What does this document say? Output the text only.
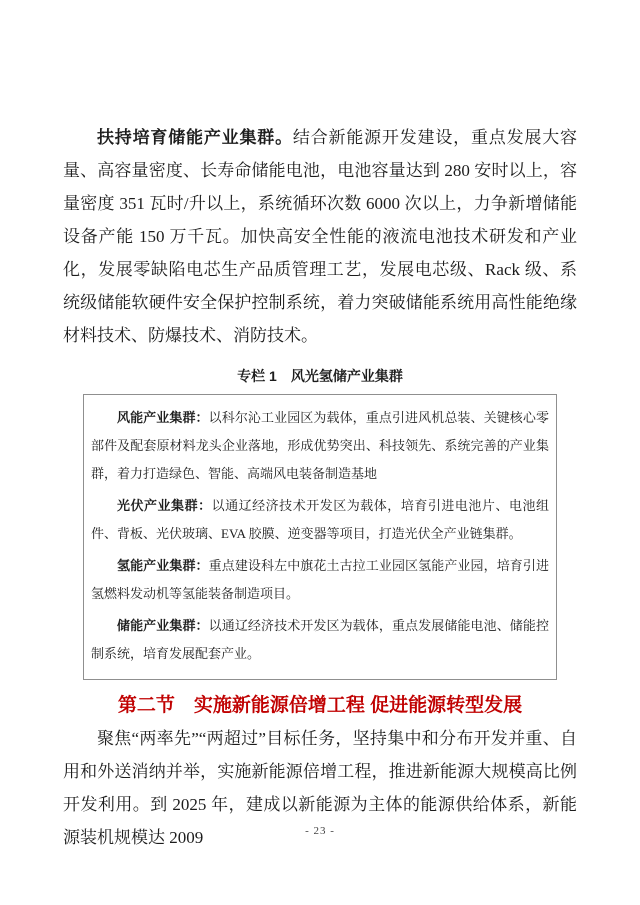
扶持培育储能产业集群。结合新能源开发建设，重点发展大容量、高容量密度、长寿命储能电池，电池容量达到 280 安时以上，容量密度 351 瓦时/升以上，系统循环次数 6000 次以上，力争新增储能设备产能 150 万千瓦。加快高安全性能的液流电池技术研发和产业化，发展零缺陷电芯生产品质管理工艺，发展电芯级、Rack 级、系统级储能软硬件安全保护控制系统，着力突破储能系统用高性能绝缘材料技术、防爆技术、消防技术。

专栏 1　风光氢储产业集群

风能产业集群：以科尔沁工业园区为载体，重点引进风机总装、关键核心零部件及配套原材料龙头企业落地，形成优势突出、科技领先、系统完善的产业集群，着力打造绿色、智能、高端风电装备制造基地

光伏产业集群：以通辽经济技术开发区为载体，培育引进电池片、电池组件、背板、光伏玻璃、EVA 胶膜、逆变器等项目，打造光伏全产业链集群。

氢能产业集群：重点建设科左中旗花土古拉工业园区氢能产业园，培育引进氢燃料发动机等氢能装备制造项目。

储能产业集群：以通辽经济技术开发区为载体，重点发展储能电池、储能控制系统，培育发展配套产业。

第二节　实施新能源倍增工程 促进能源转型发展

聚焦“两率先”“两超过”目标任务，坚持集中和分布开发并重、自用和外送消纳并举，实施新能源倍增工程，推进新能源大规模高比例开发利用。到 2025 年，建成以新能源为主体的能源供给体系，新能源装机规模达 2009	- 23 -
